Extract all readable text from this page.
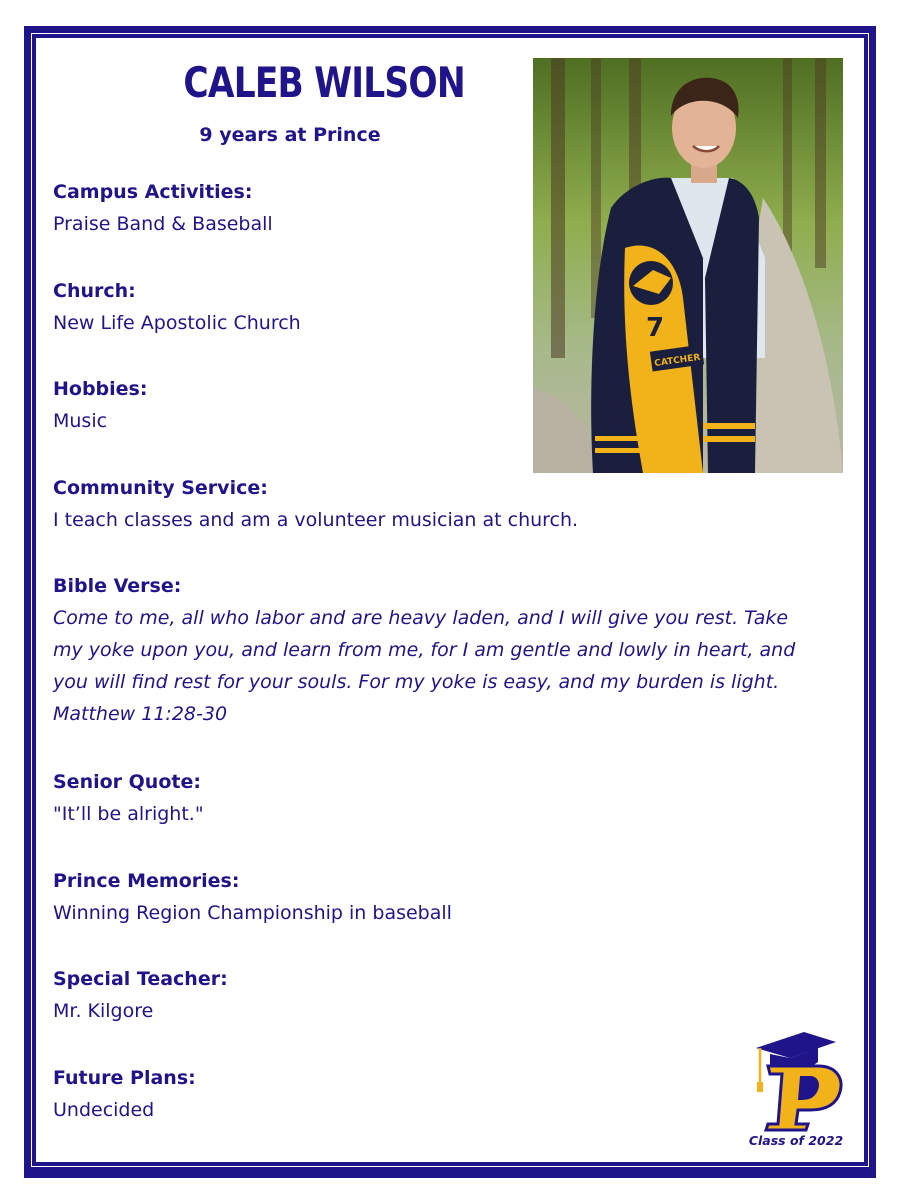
CALEB WILSON
9 years at Prince
Campus Activities:
Praise Band & Baseball
Church:
New Life Apostolic Church
Hobbies:
Music
Community Service:
I teach classes and am a volunteer musician at church.
Bible Verse:
Come to me, all who labor and are heavy laden, and I will give you rest. Take my yoke upon you, and learn from me, for I am gentle and lowly in heart, and you will find rest for your souls. For my yoke is easy, and my burden is light. Matthew 11:28-30
Senior Quote:
"It’ll be alright."
Prince Memories:
Winning Region Championship in baseball
Special Teacher:
Mr. Kilgore
Future Plans:
Undecided
7
CATCHER
Class of 2022
